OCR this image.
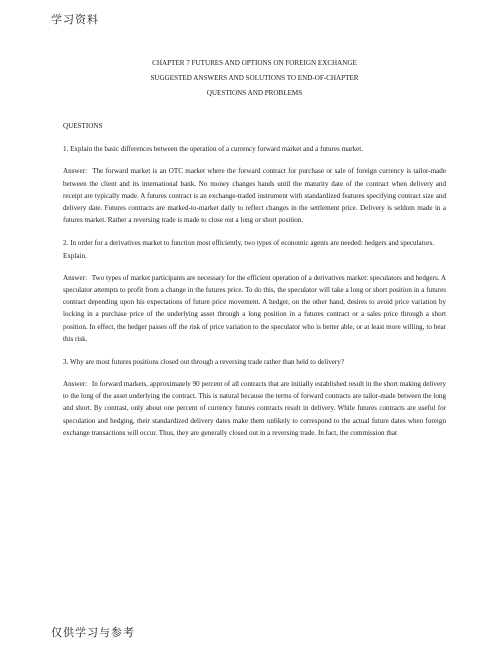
学习资料
CHAPTER 7 FUTURES AND OPTIONS ON FOREIGN EXCHANGE
SUGGESTED ANSWERS AND SOLUTIONS TO END-OF-CHAPTER
QUESTIONS AND PROBLEMS

QUESTIONS

1. Explain the basic differences between the operation of a currency forward market and a futures market.

Answer: The forward market is an OTC market where the forward contract for purchase or sale of foreign currency is tailor-made between the client and its international bank. No money changes hands until the maturity date of the contract when delivery and receipt are typically made. A futures contract is an exchange-traded instrument with standardized features specifying contract size and delivery date. Futures contracts are marked-to-market daily to reflect changes in the settlement price. Delivery is seldom made in a futures market. Rather a reversing trade is made to close out a long or short position.

2. In order for a derivatives market to function most efficiently, two types of economic agents are needed: hedgers and speculators. Explain.

Answer: Two types of market participants are necessary for the efficient operation of a derivatives market: speculators and hedgers. A speculator attempts to profit from a change in the futures price. To do this, the speculator will take a long or short position in a futures contract depending upon his expectations of future price movement. A hedger, on the other hand, desires to avoid price variation by locking in a purchase price of the underlying asset through a long position in a futures contract or a sales price through a short position. In effect, the hedger passes off the risk of price variation to the speculator who is better able, or at least more willing, to bear this risk.

3. Why are most futures positions closed out through a reversing trade rather than held to delivery?

Answer: In forward markets, approximately 90 percent of all contracts that are initially established result in the short making delivery to the long of the asset underlying the contract. This is natural because the terms of forward contracts are tailor-made between the long and short. By contrast, only about one percent of currency futures contracts result in delivery. While futures contracts are useful for speculation and hedging, their standardized delivery dates make them unlikely to correspond to the actual future dates when foreign exchange transactions will occur. Thus, they are generally closed out in a reversing trade. In fact, the commission that

仅供学习与参考
